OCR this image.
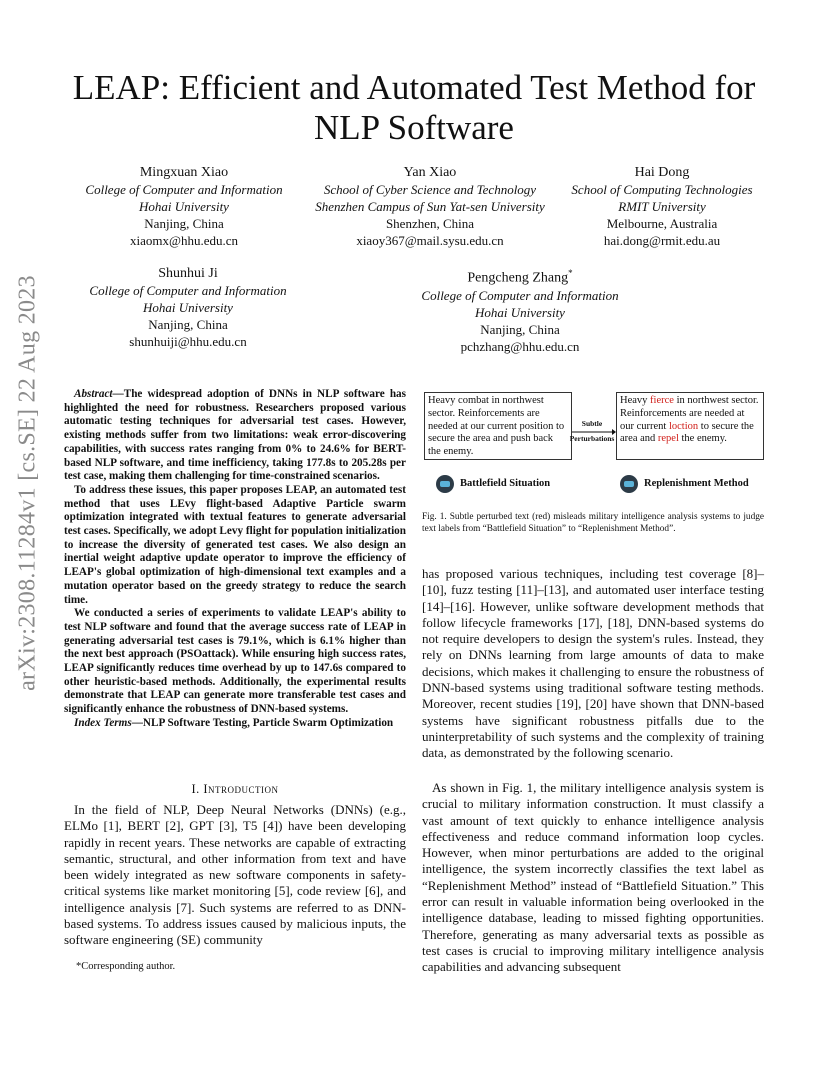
arXiv:2308.11284v1 [cs.SE] 22 Aug 2023
LEAP: Efficient and Automated Test Method for
NLP Software
Mingxuan Xiao
College of Computer and Information
Hohai University
Nanjing, China
xiaomx@hhu.edu.cn
Yan Xiao
School of Cyber Science and Technology
Shenzhen Campus of Sun Yat-sen University
Shenzhen, China
xiaoy367@mail.sysu.edu.cn
Hai Dong
School of Computing Technologies
RMIT University
Melbourne, Australia
hai.dong@rmit.edu.au
Shunhui Ji
College of Computer and Information
Hohai University
Nanjing, China
shunhuiji@hhu.edu.cn
Pengcheng Zhang*
College of Computer and Information
Hohai University
Nanjing, China
pchzhang@hhu.edu.cn

Abstract—The widespread adoption of DNNs in NLP software has highlighted the need for robustness. Researchers proposed various automatic testing techniques for adversarial test cases. However, existing methods suffer from two limitations: weak error-discovering capabilities, with success rates ranging from 0% to 24.6% for BERT-based NLP software, and time inefficiency, taking 177.8s to 205.28s per test case, making them challenging for time-constrained scenarios.

To address these issues, this paper proposes LEAP, an automated test method that uses LEvy flight-based Adaptive Particle swarm optimization integrated with textual features to generate adversarial test cases. Specifically, we adopt Levy flight for population initialization to increase the diversity of generated test cases. We also design an inertial weight adaptive update operator to improve the efficiency of LEAP's global optimization of high-dimensional text examples and a mutation operator based on the greedy strategy to reduce the search time.

We conducted a series of experiments to validate LEAP's ability to test NLP software and found that the average success rate of LEAP in generating adversarial test cases is 79.1%, which is 6.1% higher than the next best approach (PSOattack). While ensuring high success rates, LEAP significantly reduces time overhead by up to 147.6s compared to other heuristic-based methods. Additionally, the experimental results demonstrate that LEAP can generate more transferable test cases and significantly enhance the robustness of DNN-based systems.

Index Terms—NLP Software Testing, Particle Swarm Optimization

I. Introduction
In the field of NLP, Deep Neural Networks (DNNs) (e.g., ELMo [1], BERT [2], GPT [3], T5 [4]) have been developing rapidly in recent years. These networks are capable of extracting semantic, structural, and other information from text and have been widely integrated as new software components in safety-critical systems like market monitoring [5], code review [6], and intelligence analysis [7]. Such systems are referred to as DNN-based systems. To address issues caused by malicious inputs, the software engineering (SE) community
*Corresponding author.
Heavy combat in northwest sector. Reinforcements are needed at our current position to secure the area and push back the enemy.
Subtle
Perturbations
Heavy fierce in northwest sector. Reinforcements are needed at our current loction to secure the area and repel the enemy.
Battlefield Situation	Replenishment Method
Fig. 1. Subtle perturbed text (red) misleads military intelligence analysis systems to judge text labels from “Battlefield Situation” to “Replenishment Method”.
has proposed various techniques, including test coverage [8]–[10], fuzz testing [11]–[13], and automated user interface testing [14]–[16]. However, unlike software development methods that follow lifecycle frameworks [17], [18], DNN-based systems do not require developers to design the system's rules. Instead, they rely on DNNs learning from large amounts of data to make decisions, which makes it challenging to ensure the robustness of DNN-based systems using traditional software testing methods. Moreover, recent studies [19], [20] have shown that DNN-based systems have significant robustness pitfalls due to the uninterpretability of such systems and the complexity of training data, as demonstrated by the following scenario.
As shown in Fig. 1, the military intelligence analysis system is crucial to military information construction. It must classify a vast amount of text quickly to enhance intelligence analysis effectiveness and reduce command information loop cycles. However, when minor perturbations are added to the original intelligence, the system incorrectly classifies the text label as “Replenishment Method” instead of “Battlefield Situation.” This error can result in valuable information being overlooked in the intelligence database, leading to missed fighting opportunities. Therefore, generating as many adversarial texts as possible as test cases is crucial to improving military intelligence analysis capabilities and advancing subsequent
